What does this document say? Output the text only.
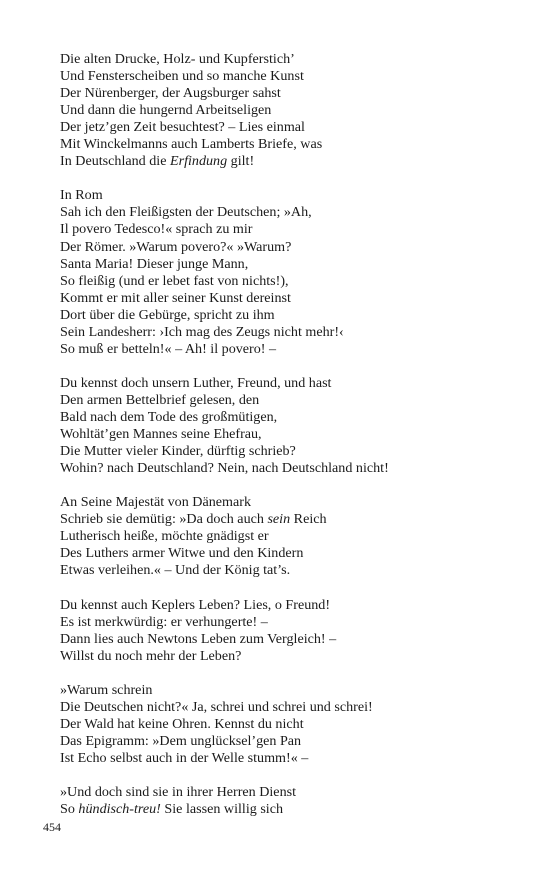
Die alten Drucke, Holz- und Kupferstich’
Und Fensterscheiben und so manche Kunst
Der Nürenberger, der Augsburger sahst
Und dann die hungernd Arbeitseligen
Der jetz’gen Zeit besuchtest? – Lies einmal
Mit Winckelmanns auch Lamberts Briefe, was
In Deutschland die Erfindung gilt!
In Rom
Sah ich den Fleißigsten der Deutschen; »Ah,
Il povero Tedesco!« sprach zu mir
Der Römer. »Warum povero?« »Warum?
Santa Maria! Dieser junge Mann,
So fleißig (und er lebet fast von nichts!),
Kommt er mit aller seiner Kunst dereinst
Dort über die Gebürge, spricht zu ihm
Sein Landesherr: ›Ich mag des Zeugs nicht mehr!‹
So muß er betteln!« – Ah! il povero! –
Du kennst doch unsern Luther, Freund, und hast
Den armen Bettelbrief gelesen, den
Bald nach dem Tode des großmütigen,
Wohltät’gen Mannes seine Ehefrau,
Die Mutter vieler Kinder, dürftig schrieb?
Wohin? nach Deutschland? Nein, nach Deutschland nicht!
An Seine Majestät von Dänemark
Schrieb sie demütig: »Da doch auch sein Reich
Lutherisch heiße, möchte gnädigst er
Des Luthers armer Witwe und den Kindern
Etwas verleihen.« – Und der König tat’s.
Du kennst auch Keplers Leben? Lies, o Freund!
Es ist merkwürdig: er verhungerte! –
Dann lies auch Newtons Leben zum Vergleich! –
Willst du noch mehr der Leben?
»Warum schrein
Die Deutschen nicht?« Ja, schrei und schrei und schrei!
Der Wald hat keine Ohren. Kennst du nicht
Das Epigramm: »Dem unglücksel’gen Pan
Ist Echo selbst auch in der Welle stumm!« –
»Und doch sind sie in ihrer Herren Dienst
So hündisch-treu! Sie lassen willig sich
454
